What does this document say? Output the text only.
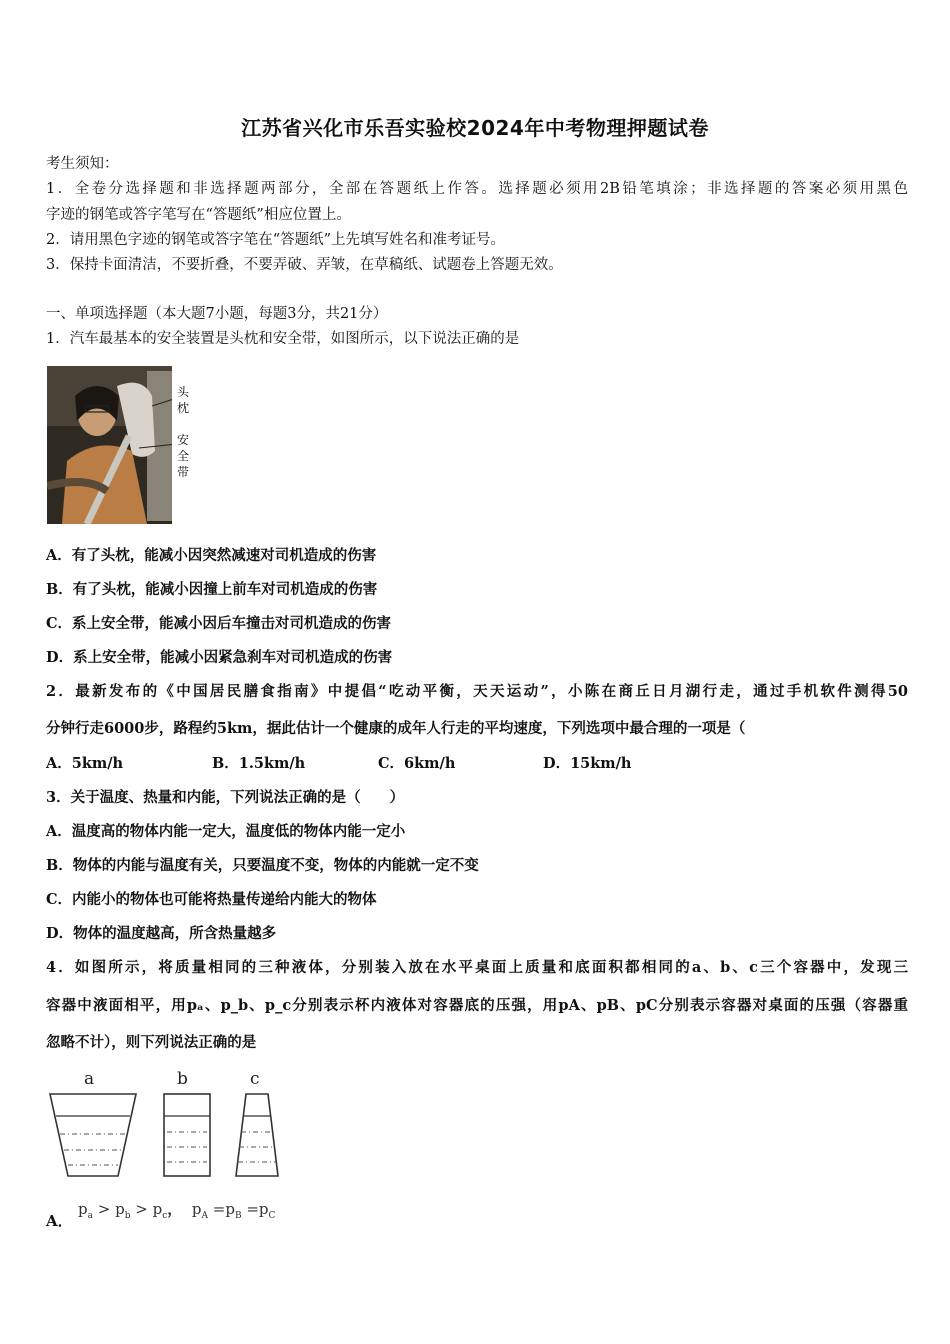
江苏省兴化市乐吾实验校2024年中考物理押题试卷
考生须知：
1．全卷分选择题和非选择题两部分，全部在答题纸上作答。选择题必须用2B铅笔填涂；非选择题的答案必须用黑色
字迹的钢笔或答字笔写在“答题纸”相应位置上。
2．请用黑色字迹的钢笔或答字笔在“答题纸”上先填写姓名和准考证号。
3．保持卡面清洁，不要折叠，不要弄破、弄皱，在草稿纸、试题卷上答题无效。
一、单项选择题（本大题7小题，每题3分，共21分）
1．汽车最基本的安全装置是头枕和安全带，如图所示，以下说法正确的是
头 枕
安 全 带
A．有了头枕，能减小因突然减速对司机造成的伤害
B．有了头枕，能减小因撞上前车对司机造成的伤害
C．系上安全带，能减小因后车撞击对司机造成的伤害
D．系上安全带，能减小因紧急刹车对司机造成的伤害
2．最新发布的《中国居民膳食指南》中提倡“吃动平衡，天天运动”，小陈在商丘日月湖行走，通过手机软件测得50
分钟行走6000步，路程约5km，据此估计一个健康的成年人行走的平均速度，下列选项中最合理的一项是（
A．5km/h	B．1.5km/h	C．6km/h	D．15km/h
3．关于温度、热量和内能，下列说法正确的是（　　）
A．温度高的物体内能一定大，温度低的物体内能一定小
B．物体的内能与温度有关，只要温度不变，物体的内能就一定不变
C．内能小的物体也可能将热量传递给内能大的物体
D．物体的温度越高，所含热量越多
4．如图所示，将质量相同的三种液体，分别装入放在水平桌面上质量和底面积都相同的a、b、c三个容器中，发现三
容器中液面相平，用pₐ、p_b、p_c分别表示杯内液体对容器底的压强，用pA、pB、pC分别表示容器对桌面的压强（容器重
忽略不计），则下列说法正确的是
a	b	c
A．
$p_a > p_b > p_c$， $p_A =p_B =p_C$
